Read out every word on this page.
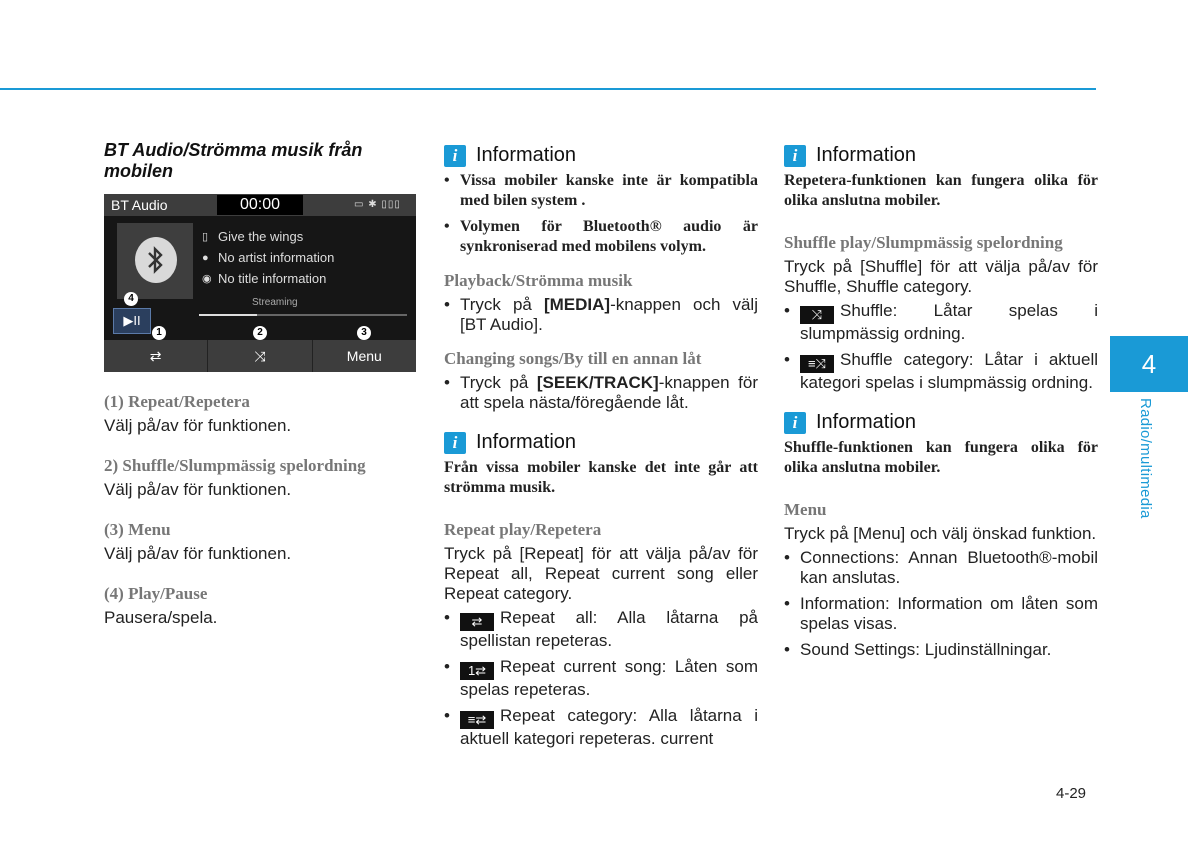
4
Radio/multimedia
BT Audio/Strömma musik från mobilen
BT Audio	00:00	▭ ✱ ▯▯▯
▯ Give the wings
● No artist information
◉ No title information
Streaming
▶II
⇄	⤨	Menu
1	2	3
4
(1) Repeat/Repetera
Välj på/av för funktionen.
2) Shuffle/Slumpmässig spelordning
Välj på/av för funktionen.
(3) Menu
Välj på/av för funktionen.
(4) Play/Pause
Pausera/spela.
i Information
• Vissa mobiler kanske inte är kompatibla med bilen system .
• Volymen för Bluetooth® audio är synkroniserad med mobilens volym.
Playback/Strömma musik
• Tryck på [MEDIA]-knappen och välj [BT Audio].
Changing songs/By till en annan låt
• Tryck på [SEEK/TRACK]-knappen för att spela nästa/föregående låt.
i Information
Från vissa mobiler kanske det inte går att strömma musik.
Repeat play/Repetera
Tryck på [Repeat] för att välja på/av för Repeat all, Repeat current song eller Repeat category.
• ⇄ Repeat all: Alla låtarna på spellistan repeteras.
• 1⇄ Repeat current song: Låten som spelas repeteras.
• ≡⇄ Repeat category: Alla låtarna i aktuell kategori repeteras. current
i Information
Repetera-funktionen kan fungera olika för olika anslutna mobiler.
Shuffle play/Slumpmässig spelordning
Tryck på [Shuffle] för att välja på/av för Shuffle, Shuffle category.
• ⤨ Shuffle: Låtar spelas i slumpmässig ordning.
• ≡⤨ Shuffle category: Låtar i aktuell kategori spelas i slumpmässig ordning.
i Information
Shuffle-funktionen kan fungera olika för olika anslutna mobiler.
Menu
Tryck på [Menu] och välj önskad funktion.
• Connections: Annan Bluetooth®-mobil kan anslutas.
• Information: Information om låten som spelas visas.
• Sound Settings: Ljudinställningar.
4-29
